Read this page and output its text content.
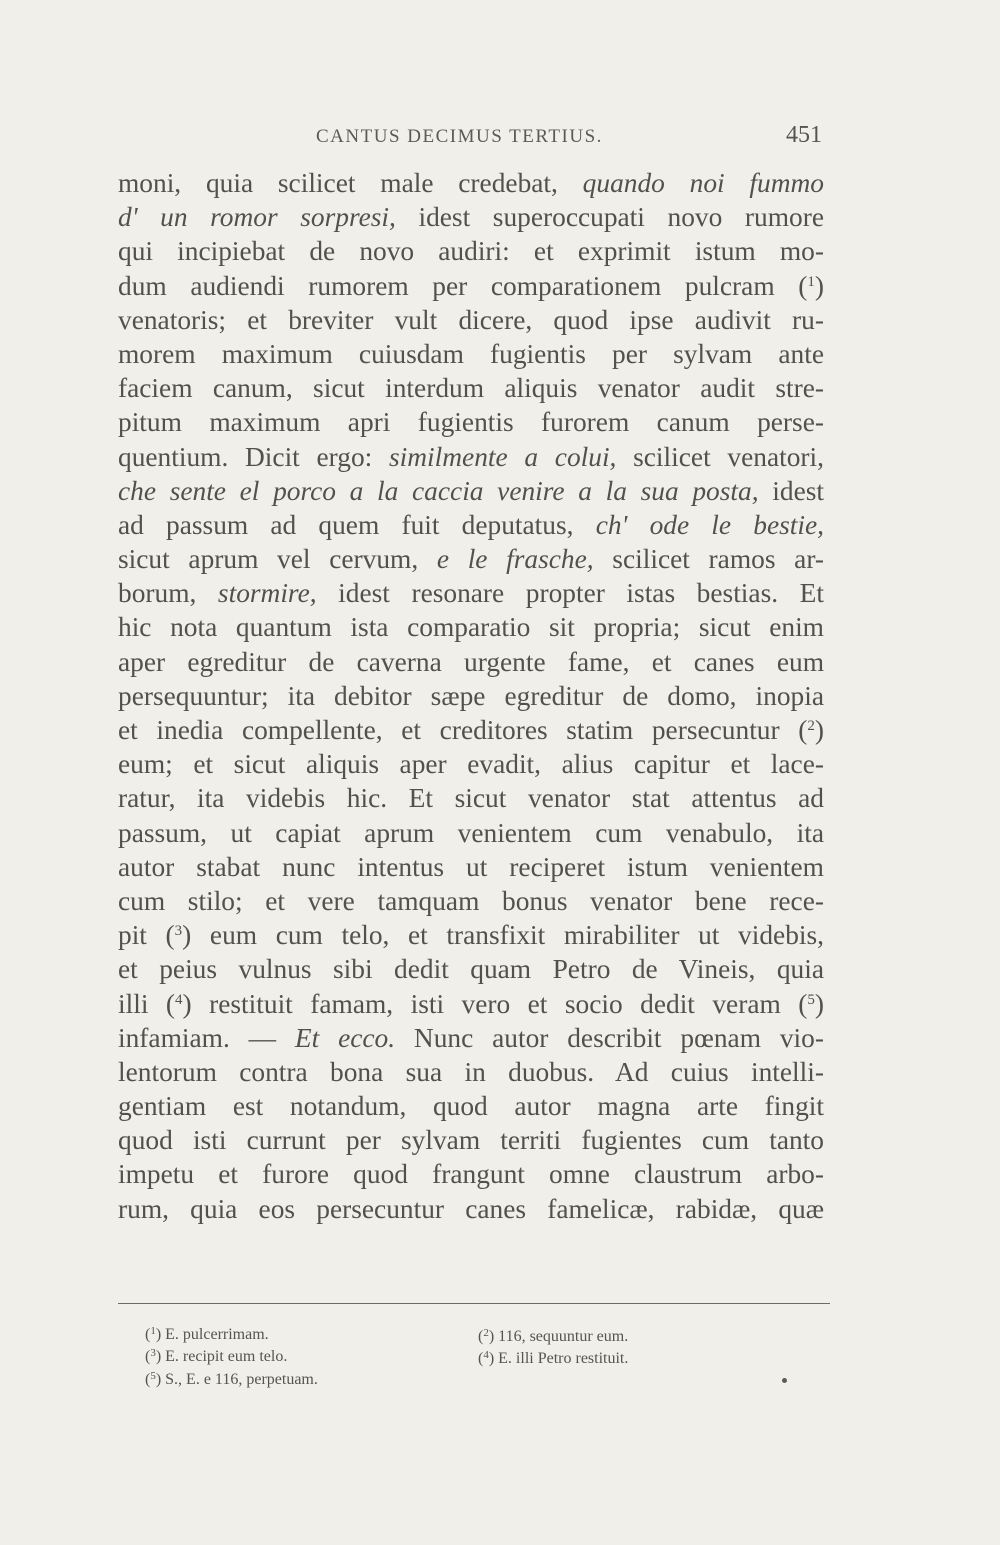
CANTUS DECIMUS TERTIUS.	451
moni, quia scilicet male credebat, quando noi fummo
d' un romor sorpresi, idest superoccupati novo rumore
qui incipiebat de novo audiri: et exprimit istum mo-
dum audiendi rumorem per comparationem pulcram ($^1$)
venatoris; et breviter vult dicere, quod ipse audivit ru-
morem maximum cuiusdam fugientis per sylvam ante
faciem canum, sicut interdum aliquis venator audit stre-
pitum maximum apri fugientis furorem canum perse-
quentium. Dicit ergo: similmente a colui, scilicet venatori,
che sente el porco a la caccia venire a la sua posta, idest
ad passum ad quem fuit deputatus, ch' ode le bestie,
sicut aprum vel cervum, e le frasche, scilicet ramos ar-
borum, stormire, idest resonare propter istas bestias. Et
hic nota quantum ista comparatio sit propria; sicut enim
aper egreditur de caverna urgente fame, et canes eum
persequuntur; ita debitor sæpe egreditur de domo, inopia
et inedia compellente, et creditores statim persecuntur ($^2$)
eum; et sicut aliquis aper evadit, alius capitur et lace-
ratur, ita videbis hic. Et sicut venator stat attentus ad
passum, ut capiat aprum venientem cum venabulo, ita
autor stabat nunc intentus ut reciperet istum venientem
cum stilo; et vere tamquam bonus venator bene rece-
pit ($^3$) eum cum telo, et transfixit mirabiliter ut videbis,
et peius vulnus sibi dedit quam Petro de Vineis, quia
illi ($^4$) restituit famam, isti vero et socio dedit veram ($^5$)
infamiam. — Et ecco. Nunc autor describit pœnam vio-
lentorum contra bona sua in duobus. Ad cuius intelli-
gentiam est notandum, quod autor magna arte fingit
quod isti currunt per sylvam territi fugientes cum tanto
impetu et furore quod frangunt omne claustrum arbo-
rum, quia eos persecuntur canes famelicæ, rabidæ, quæ
($^1$) E. pulcerrimam.	($^2$) 116, sequuntur eum.
($^3$) E. recipit eum telo.	($^4$) E. illi Petro restituit.
($^5$) S., E. e 116, perpetuam.
